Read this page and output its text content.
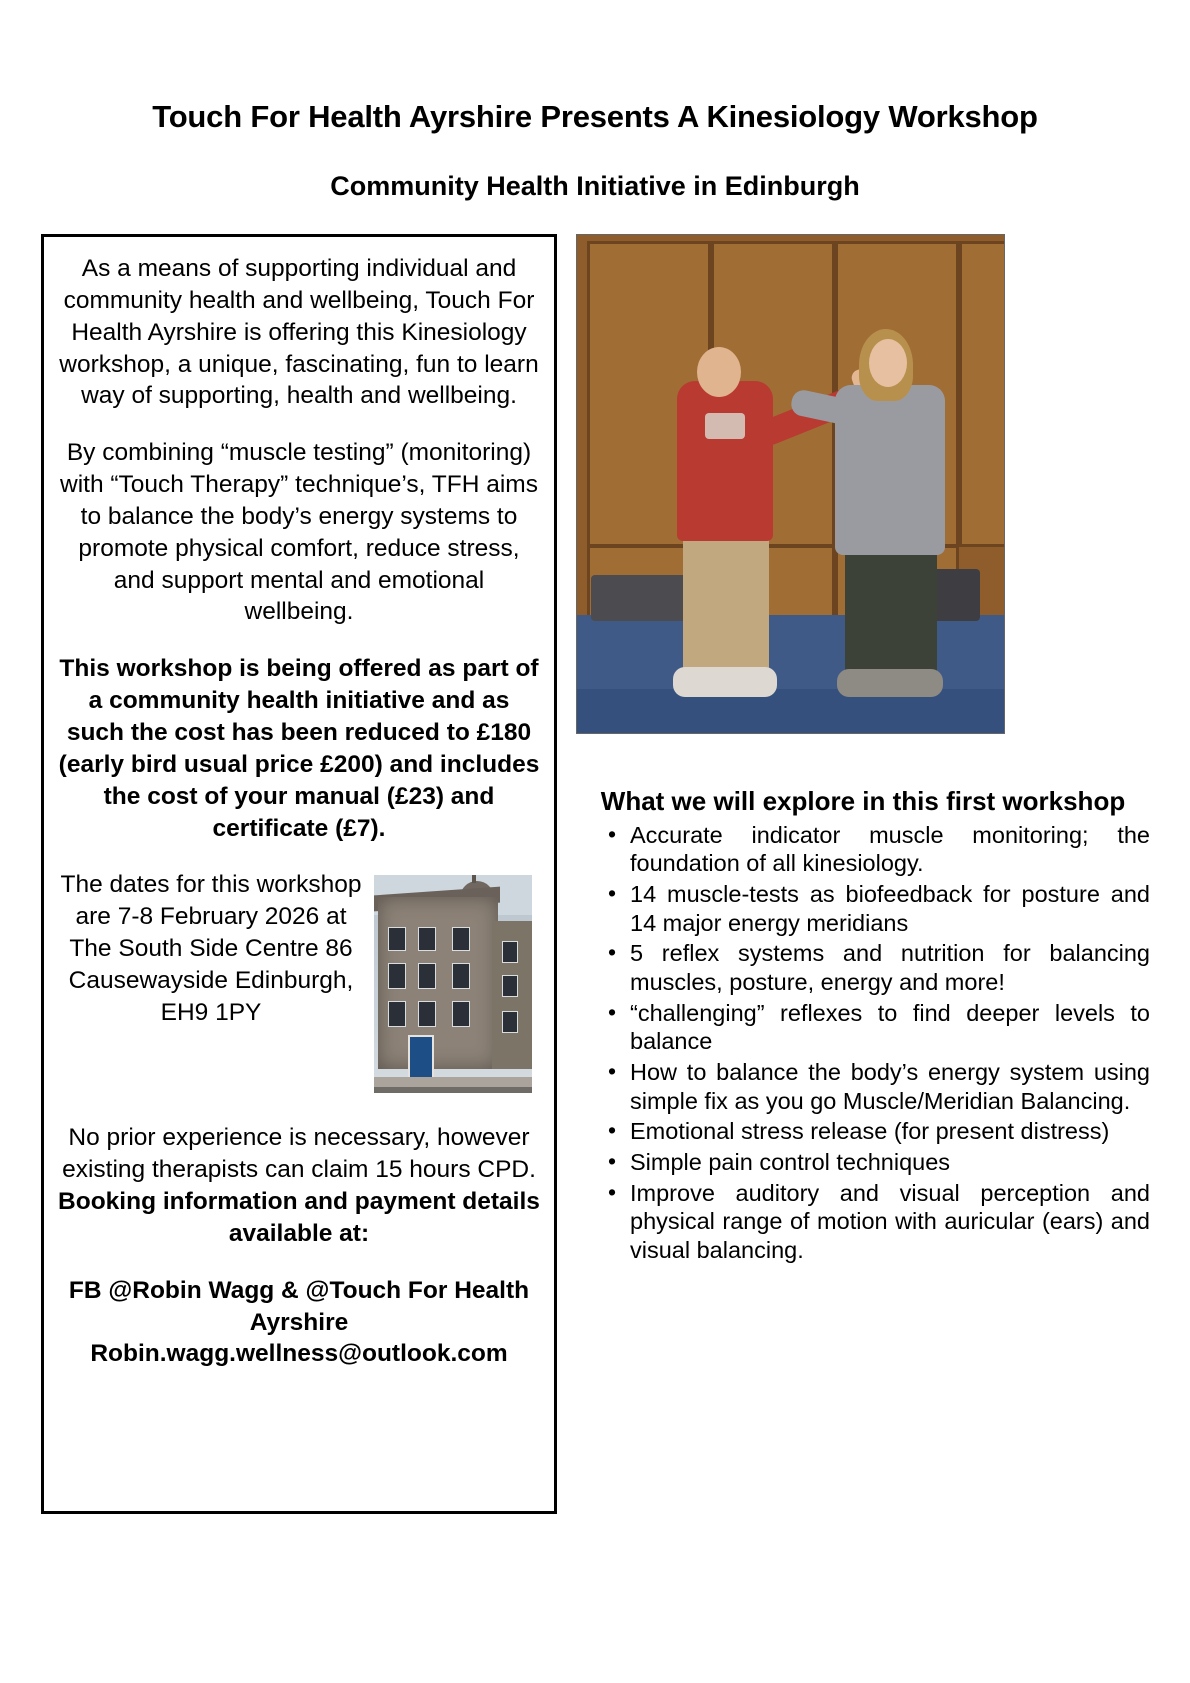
Touch For Health Ayrshire Presents A Kinesiology Workshop
Community Health Initiative in Edinburgh

As a means of supporting individual and community health and wellbeing, Touch For Health Ayrshire is offering this Kinesiology workshop, a unique, fascinating, fun to learn way of supporting, health and wellbeing.

By combining “muscle testing” (monitoring) with “Touch Therapy” technique’s, TFH aims to balance the body’s energy systems to promote physical comfort, reduce stress, and support mental and emotional wellbeing.

This workshop is being offered as part of a community health initiative and as such the cost has been reduced to £180 (early bird usual price £200) and includes the cost of your manual (£23) and certificate (£7).

The dates for this workshop are 7-8 February 2026 at The South Side Centre 86 Causewayside Edinburgh, EH9 1PY

No prior experience is necessary, however existing therapists can claim 15 hours CPD.

Booking information and payment details available at:

FB @Robin Wagg & @Touch For Health Ayrshire

Robin.wagg.wellness@outlook.com

What we will explore in this first workshop
• Accurate indicator muscle monitoring; the foundation of all kinesiology.
• 14 muscle-tests as biofeedback for posture and 14 major energy meridians
• 5 reflex systems and nutrition for balancing muscles, posture, energy and more!
• “challenging” reflexes to find deeper levels to balance
• How to balance the body’s energy system using simple fix as you go Muscle/Meridian Balancing.
• Emotional stress release (for present distress)
• Simple pain control techniques
• Improve auditory and visual perception and physical range of motion with auricular (ears) and visual balancing.
